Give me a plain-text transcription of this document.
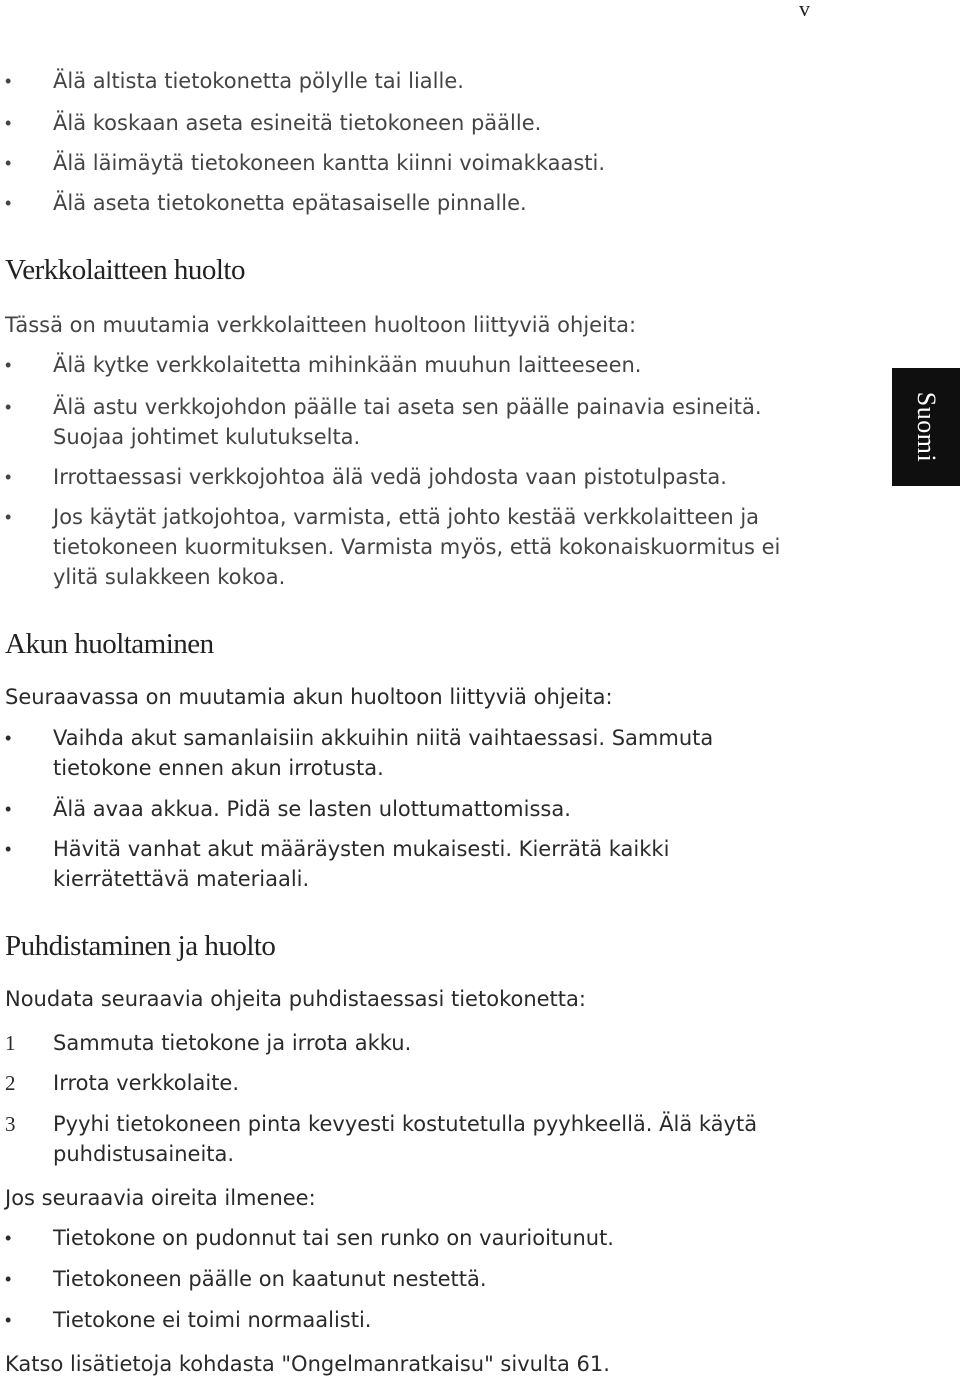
v
Suomi
•	Älä altista tietokonetta pölylle tai lialle.
•	Älä koskaan aseta esineitä tietokoneen päälle.
•	Älä läimäytä tietokoneen kantta kiinni voimakkaasti.
•	Älä aseta tietokonetta epätasaiselle pinnalle.
Verkkolaitteen huolto

Tässä on muutamia verkkolaitteen huoltoon liittyviä ohjeita:

•	Älä kytke verkkolaitetta mihinkään muuhun laitteeseen.
•	Älä astu verkkojohdon päälle tai aseta sen päälle painavia esineitä. Suojaa johtimet kulutukselta.
•	Irrottaessasi verkkojohtoa älä vedä johdosta vaan pistotulpasta.
•	Jos käytät jatkojohtoa, varmista, että johto kestää verkkolaitteen ja tietokoneen kuormituksen. Varmista myös, että kokonaiskuormitus ei ylitä sulakkeen kokoa.
Akun huoltaminen

Seuraavassa on muutamia akun huoltoon liittyviä ohjeita:

•	Vaihda akut samanlaisiin akkuihin niitä vaihtaessasi. Sammuta tietokone ennen akun irrotusta.
•	Älä avaa akkua. Pidä se lasten ulottumattomissa.
•	Hävitä vanhat akut määräysten mukaisesti. Kierrätä kaikki kierrätettävä materiaali.
Puhdistaminen ja huolto

Noudata seuraavia ohjeita puhdistaessasi tietokonetta:

1	Sammuta tietokone ja irrota akku.
2	Irrota verkkolaite.
3	Pyyhi tietokoneen pinta kevyesti kostutetulla pyyhkeellä. Älä käytä puhdistusaineita.

Jos seuraavia oireita ilmenee:

•	Tietokone on pudonnut tai sen runko on vaurioitunut.
•	Tietokoneen päälle on kaatunut nestettä.
•	Tietokone ei toimi normaalisti.

Katso lisätietoja kohdasta "Ongelmanratkaisu" sivulta 61.
